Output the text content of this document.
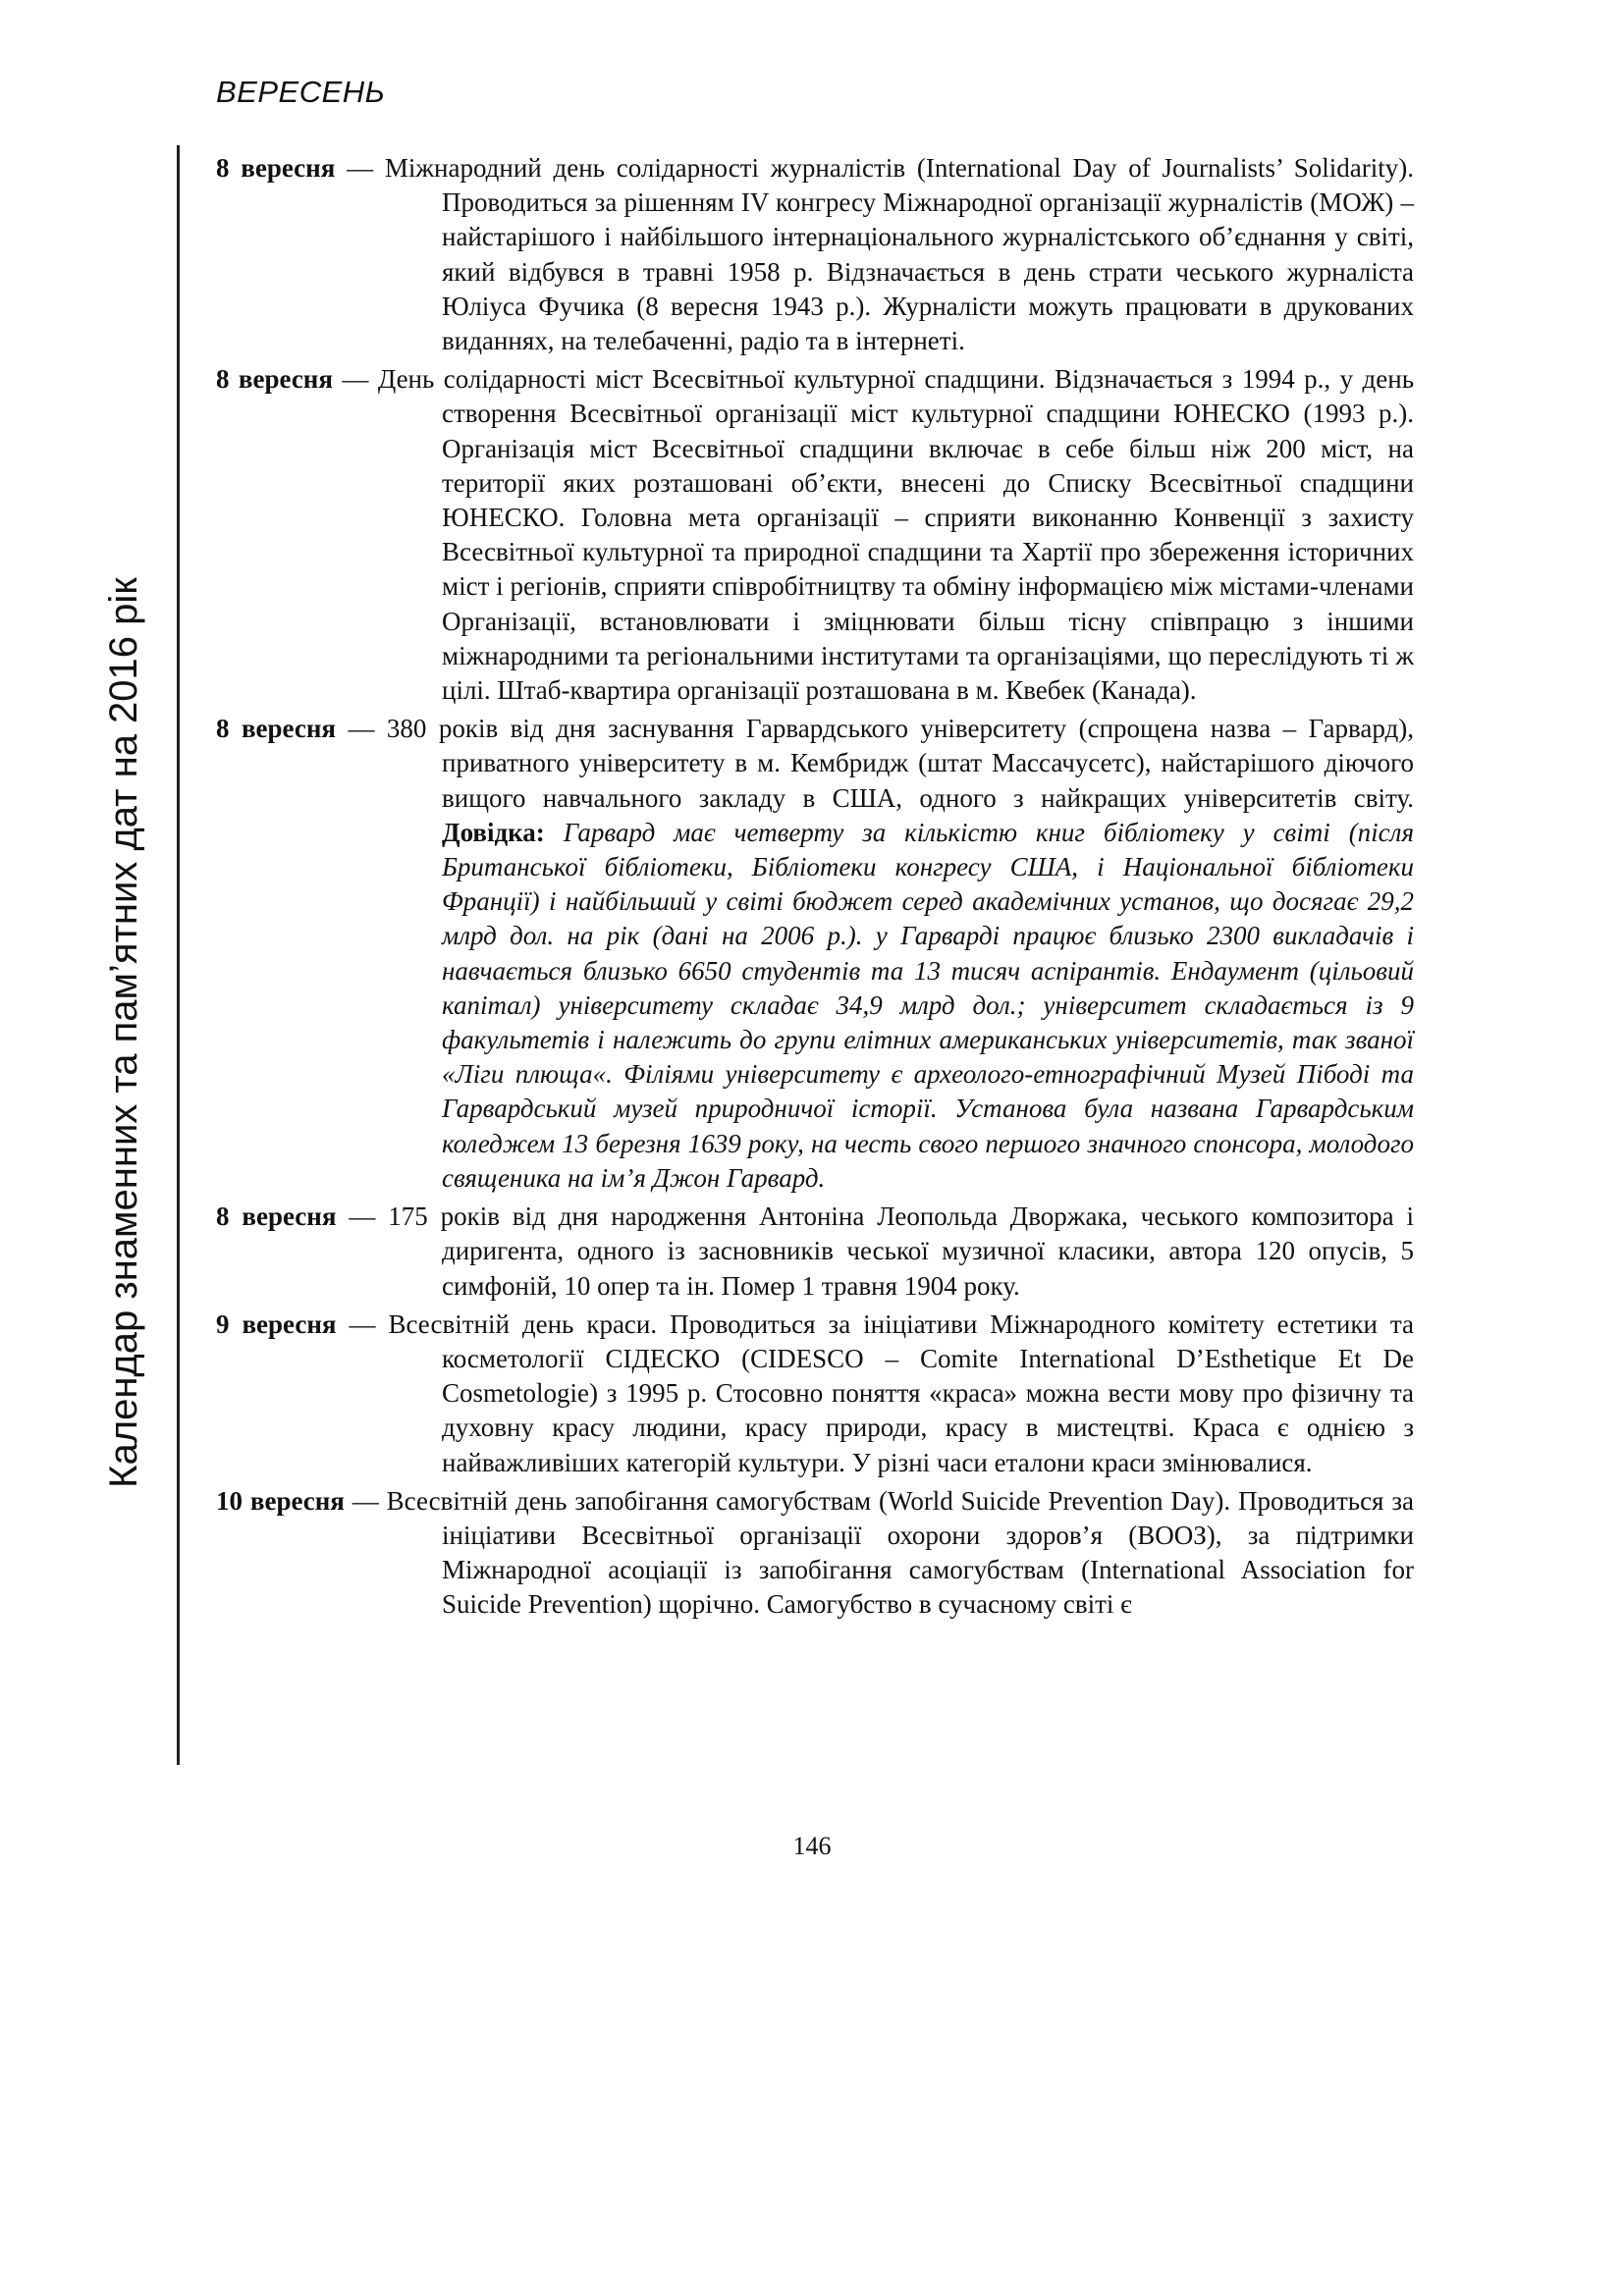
ВЕРЕСЕНЬ
Календар знаменних та пам’ятних дат на 2016 рік

8 вересня — Міжнародний день солідарності журналістів (International Day of Journalists’ Solidarity). Проводиться за рішенням IV конгресу Міжнародної організації журналістів (МОЖ) – найстарішого і найбільшого інтернаціонального журналістського об’єднання у світі, який відбувся в травні 1958 р. Відзначається в день страти чеського журналіста Юліуса Фучика (8 вересня 1943 р.). Журналісти можуть працювати в друкованих виданнях, на телебаченні, радіо та в інтернеті.

8 вересня — День солідарності міст Всесвітньої культурної спадщини. Відзначається з 1994 р., у день створення Всесвітньої організації міст культурної спадщини ЮНЕСКО (1993 р.). Організація міст Всесвітньої спадщини включає в себе більш ніж 200 міст, на території яких розташовані об’єкти, внесені до Списку Всесвітньої спадщини ЮНЕСКО. Головна мета організації – сприяти виконанню Конвенції з захисту Всесвітньої культурної та природної спадщини та Хартії про збереження історичних міст і регіонів, сприяти співробітництву та обміну інформацією між містами-членами Організації, встановлювати і зміцнювати більш тісну співпрацю з іншими міжнародними та регіональними інститутами та організаціями, що переслідують ті ж цілі. Штаб-квартира організації розташована в м. Квебек (Канада).

8 вересня — 380 років від дня заснування Гарвардського університету (спрощена назва – Гарвард), приватного університету в м. Кембридж (штат Массачусетс), найстарішого діючого вищого навчального закладу в США, одного з найкращих університетів світу. Довідка: Гарвард має четверту за кількістю книг бібліотеку у світі (після Британської бібліотеки, Бібліотеки конгресу США, і Національної бібліотеки Франції) і найбільший у світі бюджет серед академічних установ, що досягає 29,2 млрд дол. на рік (дані на 2006 р.). у Гарварді працює близько 2300 викладачів і навчається близько 6650 студентів та 13 тисяч аспірантів. Ендаумент (цільовий капітал) університету складає 34,9 млрд дол.; університет складається із 9 факультетів і належить до групи елітних американських університетів, так званої «Ліги плюща«. Філіями університету є археолого-етнографічний Музей Пібоді та Гарвардський музей природничої історії. Установа була названа Гарвардським коледжем 13 березня 1639 року, на честь свого першого значного спонсора, молодого священика на ім’я Джон Гарвард.

8 вересня — 175 років від дня народження Антоніна Леопольда Дворжака, чеського композитора і диригента, одного із засновників чеської музичної класики, автора 120 опусів, 5 симфоній, 10 опер та ін. Помер 1 травня 1904 року.

9 вересня — Всесвітній день краси. Проводиться за ініціативи Міжнародного комітету естетики та косметології СІДЕСКО (CIDESCO – Comite International D’Esthetique Et De Cosmetologie) з 1995 р. Стосовно поняття «краса» можна вести мову про фізичну та духовну красу людини, красу природи, красу в мистецтві. Краса є однією з найважливіших категорій культури. У різні часи еталони краси змінювалися.

10 вересня — Всесвітній день запобігання самогубствам (World Suicide Prevention Day). Проводиться за ініціативи Всесвітньої організації охорони здоров’я (ВООЗ), за підтримки Міжнародної асоціації із запобігання самогубствам (International Association for Suicide Prevention) щорічно. Самогубство в сучасному світі є

146
